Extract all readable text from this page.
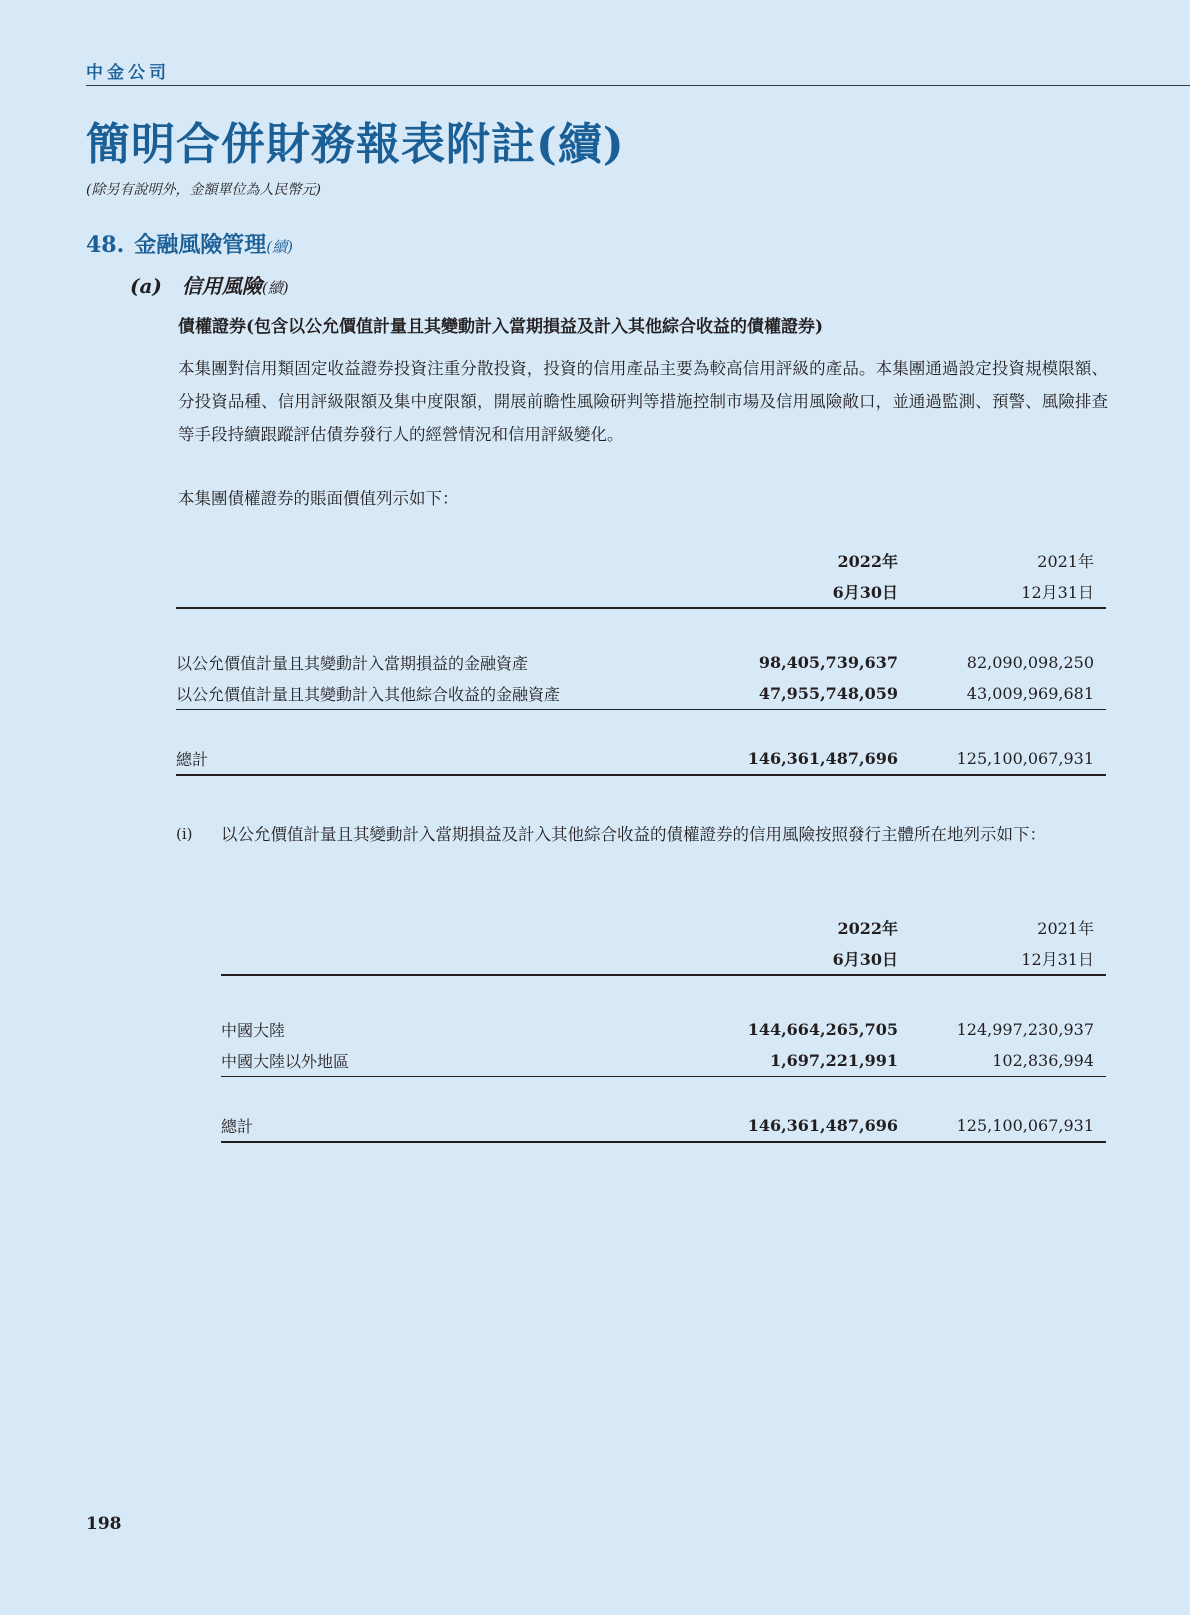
中金公司
簡明合併財務報表附註(續)
(除另有說明外，金額單位為人民幣元)
48. 金融風險管理(續)
(a) 信用風險(續)
債權證券(包含以公允價值計量且其變動計入當期損益及計入其他綜合收益的債權證券)
本集團對信用類固定收益證券投資注重分散投資，投資的信用產品主要為較高信用評級的產品。本集團通過設定投資規模限額、分投資品種、信用評級限額及集中度限額，開展前瞻性風險研判等措施控制市場及信用風險敞口，並通過監測、預警、風險排查等手段持續跟蹤評估債券發行人的經營情況和信用評級變化。
本集團債權證券的賬面價值列示如下：
	2022年	2021年
	6月30日	12月31日

以公允價值計量且其變動計入當期損益的金融資產	98,405,739,637	82,090,098,250
以公允價值計量且其變動計入其他綜合收益的金融資產	47,955,748,059	43,009,969,681

總計	146,361,487,696	125,100,067,931
(i) 以公允價值計量且其變動計入當期損益及計入其他綜合收益的債權證券的信用風險按照發行主體所在地列示如下：
	2022年	2021年
	6月30日	12月31日

中國大陸	144,664,265,705	124,997,230,937
中國大陸以外地區	1,697,221,991	102,836,994

總計	146,361,487,696	125,100,067,931
198
